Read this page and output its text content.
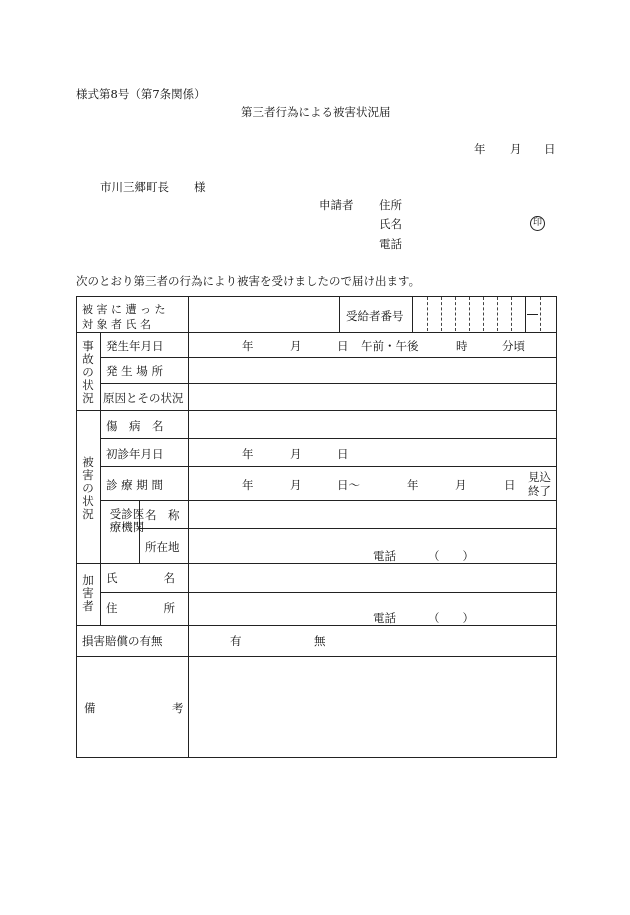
様式第8号（第7条関係）
第三者行為による被害状況届
年 月 日
市川三郷町長 様
申請者 住所
氏名	印
電話
次のとおり第三者の行為により被害を受けましたので届け出ます。
被 害 に 遭 っ た
対 象 者 氏 名
受給者番号
事故の状況
発生年月日	年	月	日 午前・午後	時	分頃
発 生 場 所
原因とその状況
被害の状況
傷　病　名
初診年月日	年	月	日
診 療 期 間	年	月	日～	年	月	日
見込
終了
受診医療機関
名　称
所在地
電話	（　　）
加害者
氏　　　　名
住　　　　所
電話	（　　）
損害賠償の有無	有	無
備	考
